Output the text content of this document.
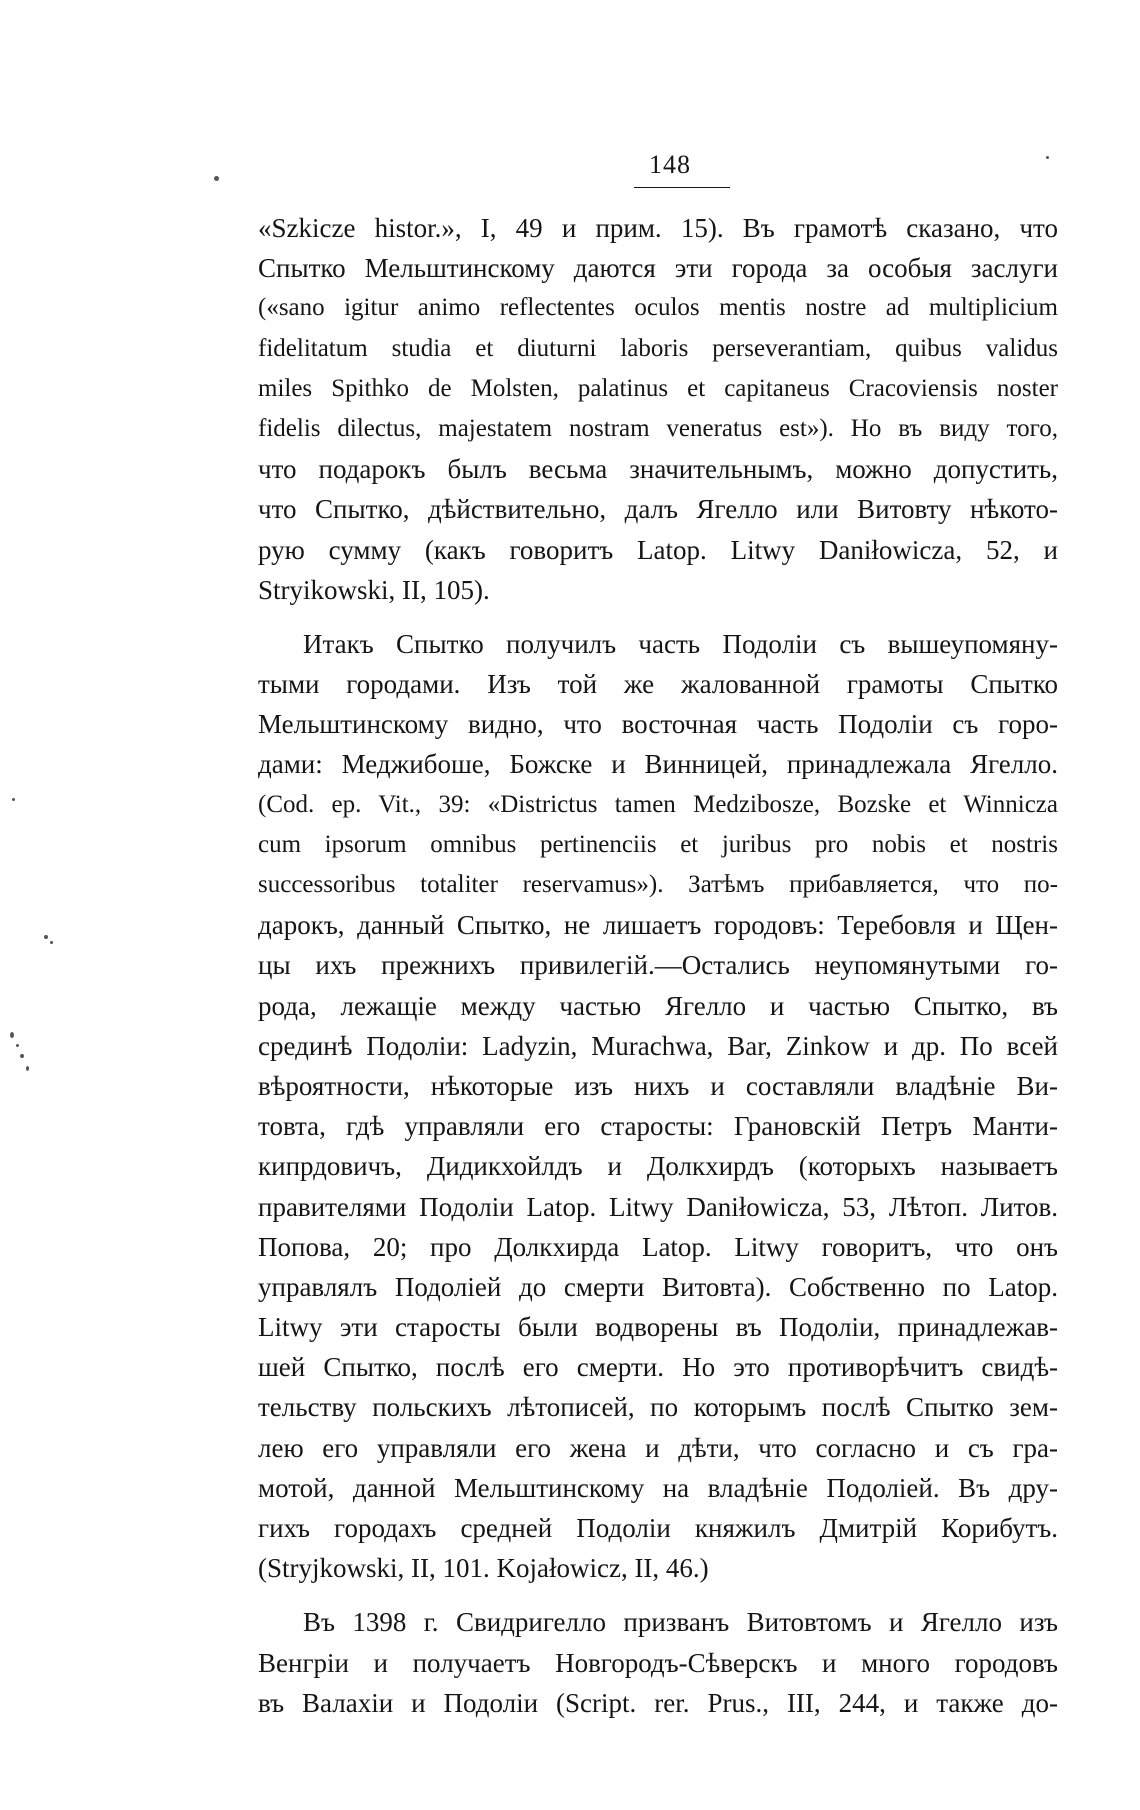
148
«Szkicze histor.», I, 49 и прим. 15). Въ грамотѣ сказано, что
Спытко Мельштинскому даются эти города за особыя заслуги
(«sano igitur animo reflectentes oculos mentis nostre ad multiplicium
fidelitatum studia et diuturni laboris perseverantiam, quibus validus
miles Spithko de Molsten, palatinus et capitaneus Cracoviensis noster
fidelis dilectus, majestatem nostram veneratus est»). Но въ виду того,
что подарокъ былъ весьма значительнымъ, можно допустить,
что Спытко, дѣйствительно, далъ Ягелло или Витовту нѣкото-
рую сумму (какъ говоритъ Latop. Litwy Daniłowicza, 52, и
Stryikowski, II, 105).
Итакъ Спытко получилъ часть Подоліи съ вышеупомяну-
тыми городами. Изъ той же жалованной грамоты Спытко
Мельштинскому видно, что восточная часть Подоліи съ горо-
дами: Меджибоше, Божске и Винницей, принадлежала Ягелло.
(Cod. ep. Vit., 39: «Districtus tamen Medziboszе, Bozske et Winnicza
cum ipsorum omnibus pertinenciis et juribus pro nobis et nostris
successoribus totaliter reservamus»). Затѣмъ прибавляется, что по-
дарокъ, данный Спытко, не лишаетъ городовъ: Теребовля и Щен-
цы ихъ прежнихъ привилегій.—Остались неупомянутыми го-
рода, лежащіе между частью Ягелло и частью Спытко, въ
срединѣ Подоліи: Ladyzin, Murachwa, Bar, Zinkow и др. По всей
вѣроятности, нѣкоторые изъ нихъ и составляли владѣніе Ви-
товта, гдѣ управляли его старосты: Грановскій Петръ Манти-
кипрдовичъ, Дидикхойлдъ и Долкхирдъ (которыхъ называетъ
правителями Подоліи Latop. Litwy Daniłowicza, 53, Лѣтоп. Литов.
Попова, 20; про Долкхирда Latop. Litwy говоритъ, что онъ
управлялъ Подоліей до смерти Витовта). Собственно по Latop.
Litwy эти старосты были водворены въ Подоліи, принадлежав-
шей Спытко, послѣ его смерти. Но это противорѣчитъ свидѣ-
тельству польскихъ лѣтописей, по которымъ послѣ Спытко зем-
лею его управляли его жена и дѣти, что согласно и съ гра-
мотой, данной Мельштинскому на владѣніе Подоліей. Въ дру-
гихъ городахъ средней Подоліи княжилъ Дмитрій Корибутъ.
(Stryjkowski, II, 101. Kojałowicz, II, 46.)
Въ 1398 г. Свидригелло призванъ Витовтомъ и Ягелло изъ
Венгріи и получаетъ Новгородъ-Сѣверскъ и много городовъ
въ Валахіи и Подоліи (Script. rer. Prus., III, 244, и также до-
